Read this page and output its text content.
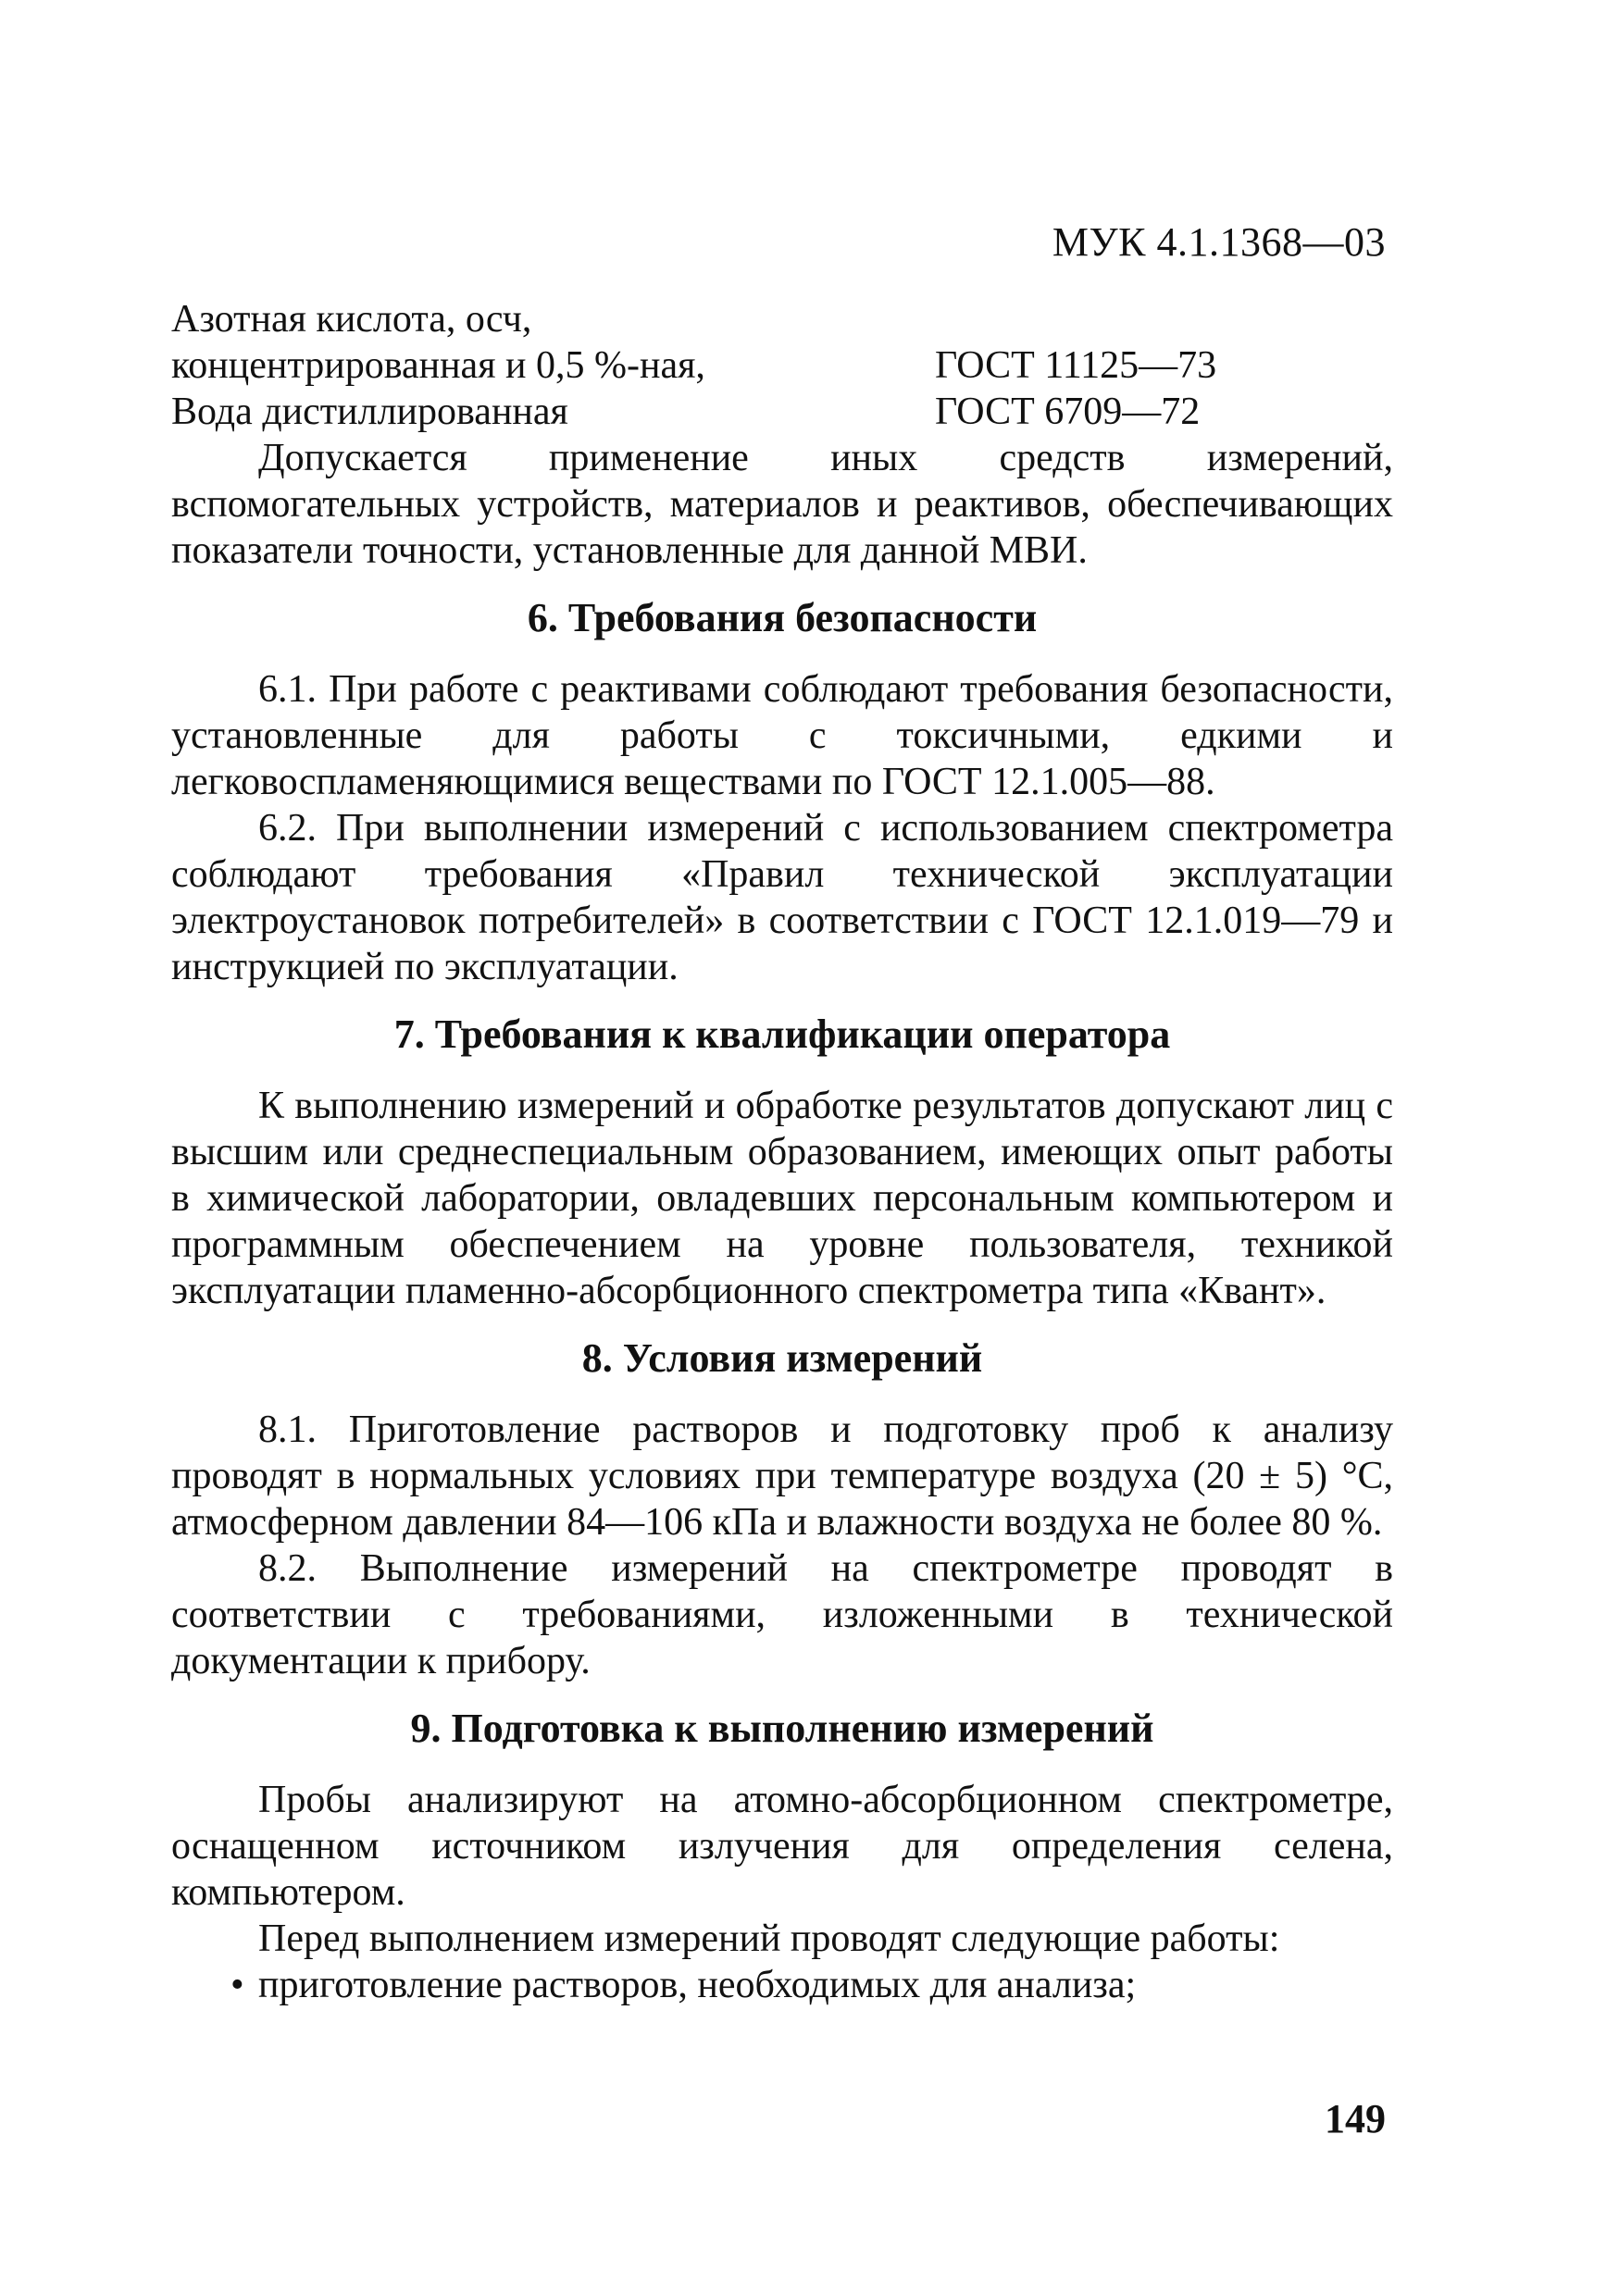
МУК 4.1.1368—03
Азотная кислота, осч,
концентрированная и 0,5 %-ная,	ГОСТ 11125—73
Вода дистиллированная	ГОСТ 6709—72

Допускается применение иных средств измерений, вспомогательных устройств, материалов и реактивов, обеспечивающих показатели точности, установленные для данной МВИ.

6. Требования безопасности

6.1. При работе с реактивами соблюдают требования безопасности, установленные для работы с токсичными, едкими и легковоспламеняющимися веществами по ГОСТ 12.1.005—88.

6.2. При выполнении измерений с использованием спектрометра соблюдают требования «Правил технической эксплуатации электроустановок потребителей» в соответствии с ГОСТ 12.1.019—79 и инструкцией по эксплуатации.

7. Требования к квалификации оператора

К выполнению измерений и обработке результатов допускают лиц с высшим или среднеспециальным образованием, имеющих опыт работы в химической лаборатории, овладевших персональным компьютером и программным обеспечением на уровне пользователя, техникой эксплуатации пламенно-абсорбционного спектрометра типа «Квант».

8. Условия измерений

8.1. Приготовление растворов и подготовку проб к анализу проводят в нормальных условиях при температуре воздуха (20 ± 5) °С, атмосферном давлении 84—106 кПа и влажности воздуха не более 80 %.

8.2. Выполнение измерений на спектрометре проводят в соответствии с требованиями, изложенными в технической документации к прибору.

9. Подготовка к выполнению измерений

Пробы анализируют на атомно-абсорбционном спектрометре, оснащенном источником излучения для определения селена, компьютером.

Перед выполнением измерений проводят следующие работы:

• приготовление растворов, необходимых для анализа;
149
